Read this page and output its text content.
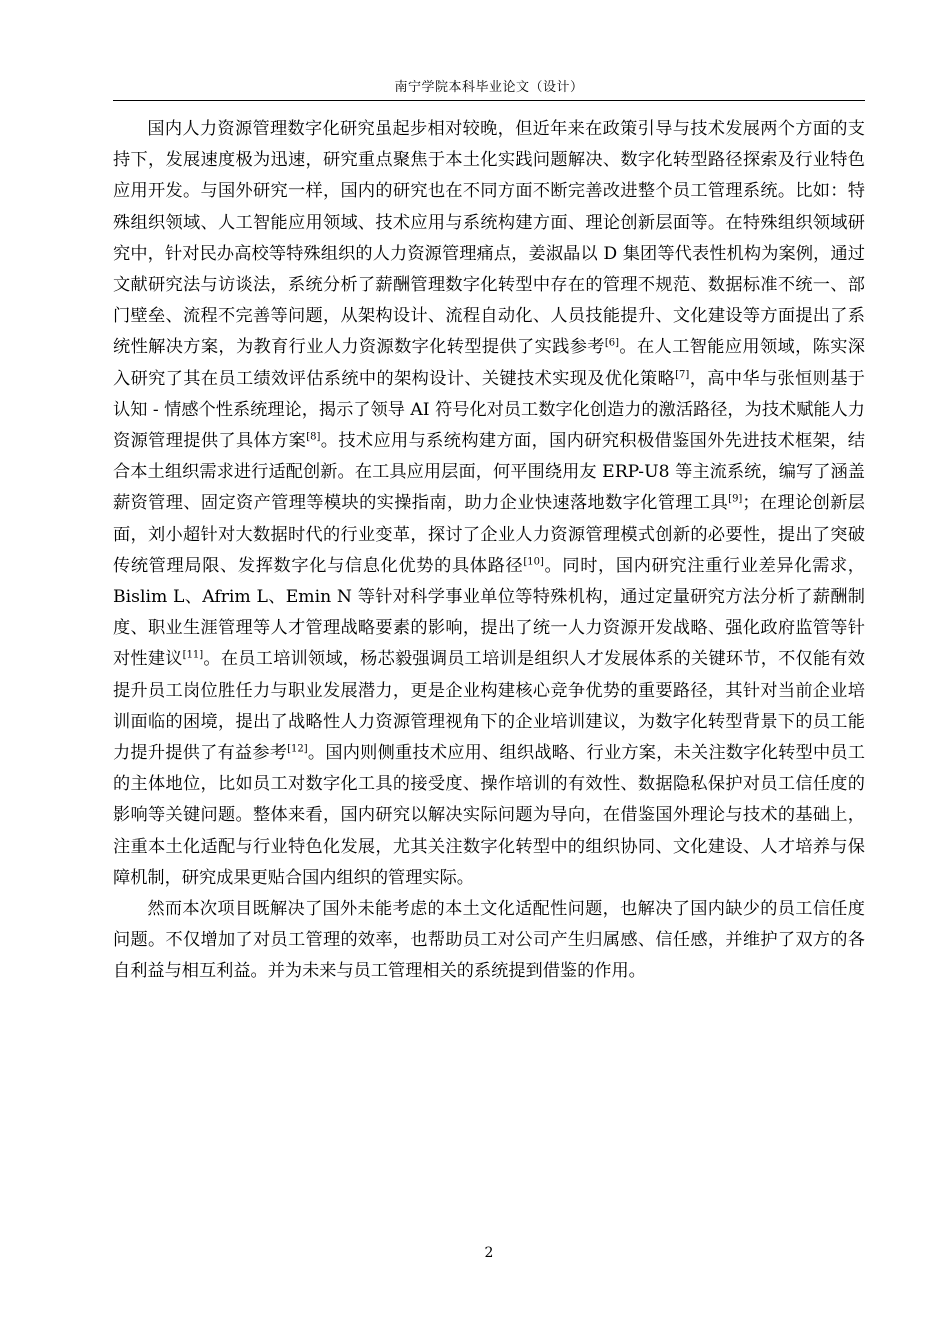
南宁学院本科毕业论文（设计）

国内人力资源管理数字化研究虽起步相对较晚，但近年来在政策引导与技术发展两个方面的支持下，发展速度极为迅速，研究重点聚焦于本土化实践问题解决、数字化转型路径探索及行业特色应用开发。与国外研究一样，国内的研究也在不同方面不断完善改进整个员工管理系统。比如：特殊组织领域、人工智能应用领域、技术应用与系统构建方面、理论创新层面等。在特殊组织领域研究中，针对民办高校等特殊组织的人力资源管理痛点，姜淑晶以 D 集团等代表性机构为案例，通过文献研究法与访谈法，系统分析了薪酬管理数字化转型中存在的管理不规范、数据标准不统一、部门壁垒、流程不完善等问题，从架构设计、流程自动化、人员技能提升、文化建设等方面提出了系统性解决方案，为教育行业人力资源数字化转型提供了实践参考[6]。在人工智能应用领域，陈实深入研究了其在员工绩效评估系统中的架构设计、关键技术实现及优化策略[7]，高中华与张恒则基于认知 - 情感个性系统理论，揭示了领导 AI 符号化对员工数字化创造力的激活路径，为技术赋能人力资源管理提供了具体方案[8]。技术应用与系统构建方面，国内研究积极借鉴国外先进技术框架，结合本土组织需求进行适配创新。在工具应用层面，何平围绕用友 ERP-U8 等主流系统，编写了涵盖薪资管理、固定资产管理等模块的实操指南，助力企业快速落地数字化管理工具[9]；在理论创新层面，刘小超针对大数据时代的行业变革，探讨了企业人力资源管理模式创新的必要性，提出了突破传统管理局限、发挥数字化与信息化优势的具体路径[10]。同时，国内研究注重行业差异化需求，Bislim L、Afrim L、Emin N 等针对科学事业单位等特殊机构，通过定量研究方法分析了薪酬制度、职业生涯管理等人才管理战略要素的影响，提出了统一人力资源开发战略、强化政府监管等针对性建议[11]。在员工培训领域，杨芯毅强调员工培训是组织人才发展体系的关键环节，不仅能有效提升员工岗位胜任力与职业发展潜力，更是企业构建核心竞争优势的重要路径，其针对当前企业培训面临的困境，提出了战略性人力资源管理视角下的企业培训建议，为数字化转型背景下的员工能力提升提供了有益参考[12]。国内则侧重技术应用、组织战略、行业方案，未关注数字化转型中员工的主体地位，比如员工对数字化工具的接受度、操作培训的有效性、数据隐私保护对员工信任度的影响等关键问题。整体来看，国内研究以解决实际问题为导向，在借鉴国外理论与技术的基础上，注重本土化适配与行业特色化发展，尤其关注数字化转型中的组织协同、文化建设、人才培养与保障机制，研究成果更贴合国内组织的管理实际。

然而本次项目既解决了国外未能考虑的本土文化适配性问题，也解决了国内缺少的员工信任度问题。不仅增加了对员工管理的效率，也帮助员工对公司产生归属感、信任感，并维护了双方的各自利益与相互利益。并为未来与员工管理相关的系统提到借鉴的作用。

2
